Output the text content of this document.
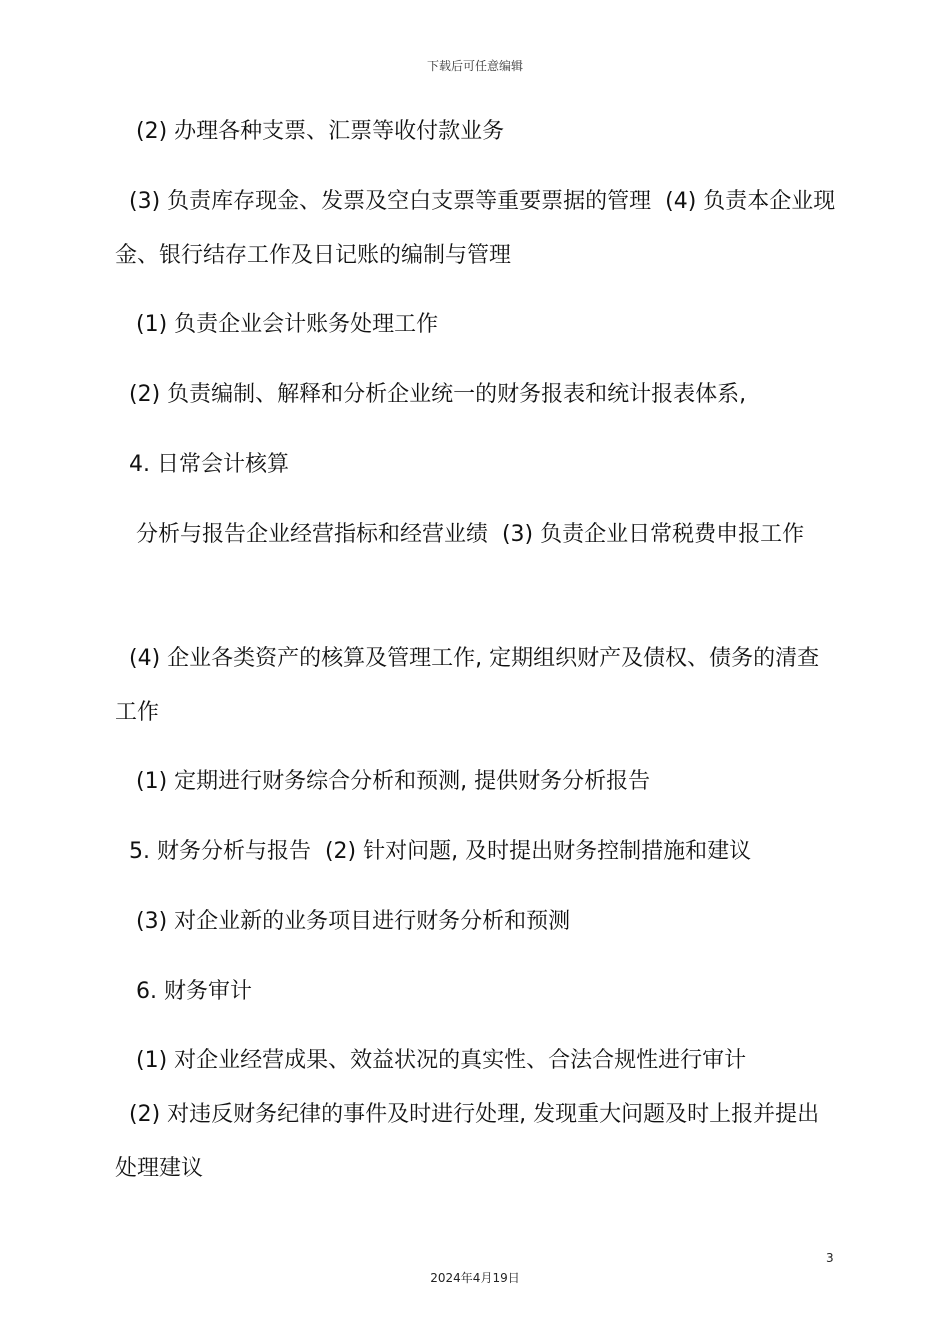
下载后可任意编辑

(2) 办理各种支票、汇票等收付款业务

(3) 负责库存现金、发票及空白支票等重要票据的管理  (4) 负责本企业现金、银行结存工作及日记账的编制与管理

(1) 负责企业会计账务处理工作

(2) 负责编制、解释和分析企业统一的财务报表和统计报表体系,

4. 日常会计核算

分析与报告企业经营指标和经营业绩  (3) 负责企业日常税费申报工作

(4) 企业各类资产的核算及管理工作, 定期组织财产及债权、债务的清查工作

(1) 定期进行财务综合分析和预测, 提供财务分析报告

5. 财务分析与报告  (2) 针对问题, 及时提出财务控制措施和建议

(3) 对企业新的业务项目进行财务分析和预测

6. 财务审计

(1) 对企业经营成果、效益状况的真实性、合法合规性进行审计

(2) 对违反财务纪律的事件及时进行处理, 发现重大问题及时上报并提出处理建议

3
2024年4月19日
